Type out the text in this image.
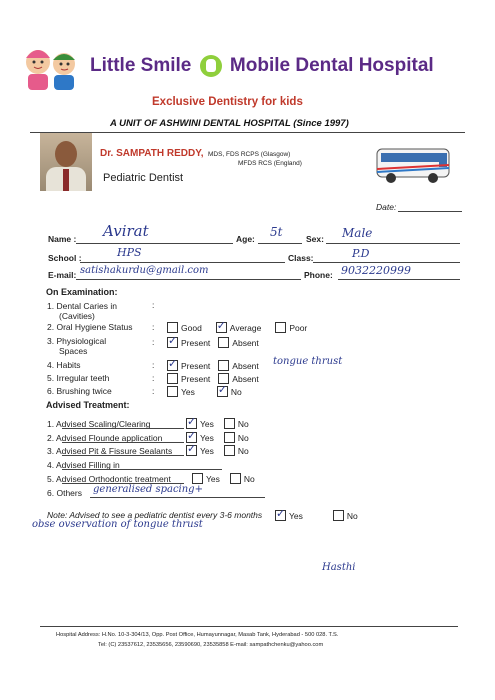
Little Smile Mobile Dental Hospital
Exclusive Dentistry for kids
A UNIT OF ASHWINI DENTAL HOSPITAL (Since 1997)
Dr. SAMPATH REDDY, MDS, FDS RCPS (Glasgow)
MFDS RCS (England)
Pediatric Dentist
Date:
Name : Avirat	Age: 5t	Sex: Male
School :	HPS	Class:	P.D
E-mail: satishakurdu@gmail.com	Phone: 9032220999
On Examination:
1. Dental Caries in
(Cavities)
:
2. Oral Hygiene Status :	Good ✓	Average	Poor
3. Physiological
Spaces
: ✓	Present	Absent
4. Habits	: ✓	Present	Absent tongue thrust
5. Irregular teeth	:	Present	Absent
6. Brushing twice	:	Yes ✓	No
Advised Treatment:
1. Advised Scaling/Clearing ✓	Yes	No
2. Advised Flounde application ✓	Yes	No
3. Advised Pit & Fissure Sealants ✓	Yes	No
4. Advised Filling in
5. Advised Orthodontic treatment	Yes	No
6. Others generalised spacing+
Note: Advised to see a pediatric dentist every 3-6 months ✓	Yes	No
obse ovservation of tongue thrust
Hasthi
Hospital Address: H.No. 10-3-304/13, Opp. Post Office, Humayunnagar, Masab Tank, Hyderabad - 500 028. T.S.
Tel: (C) 23537612, 23535656, 23590690, 23535858 E-mail: sampathchenku@yahoo.com
